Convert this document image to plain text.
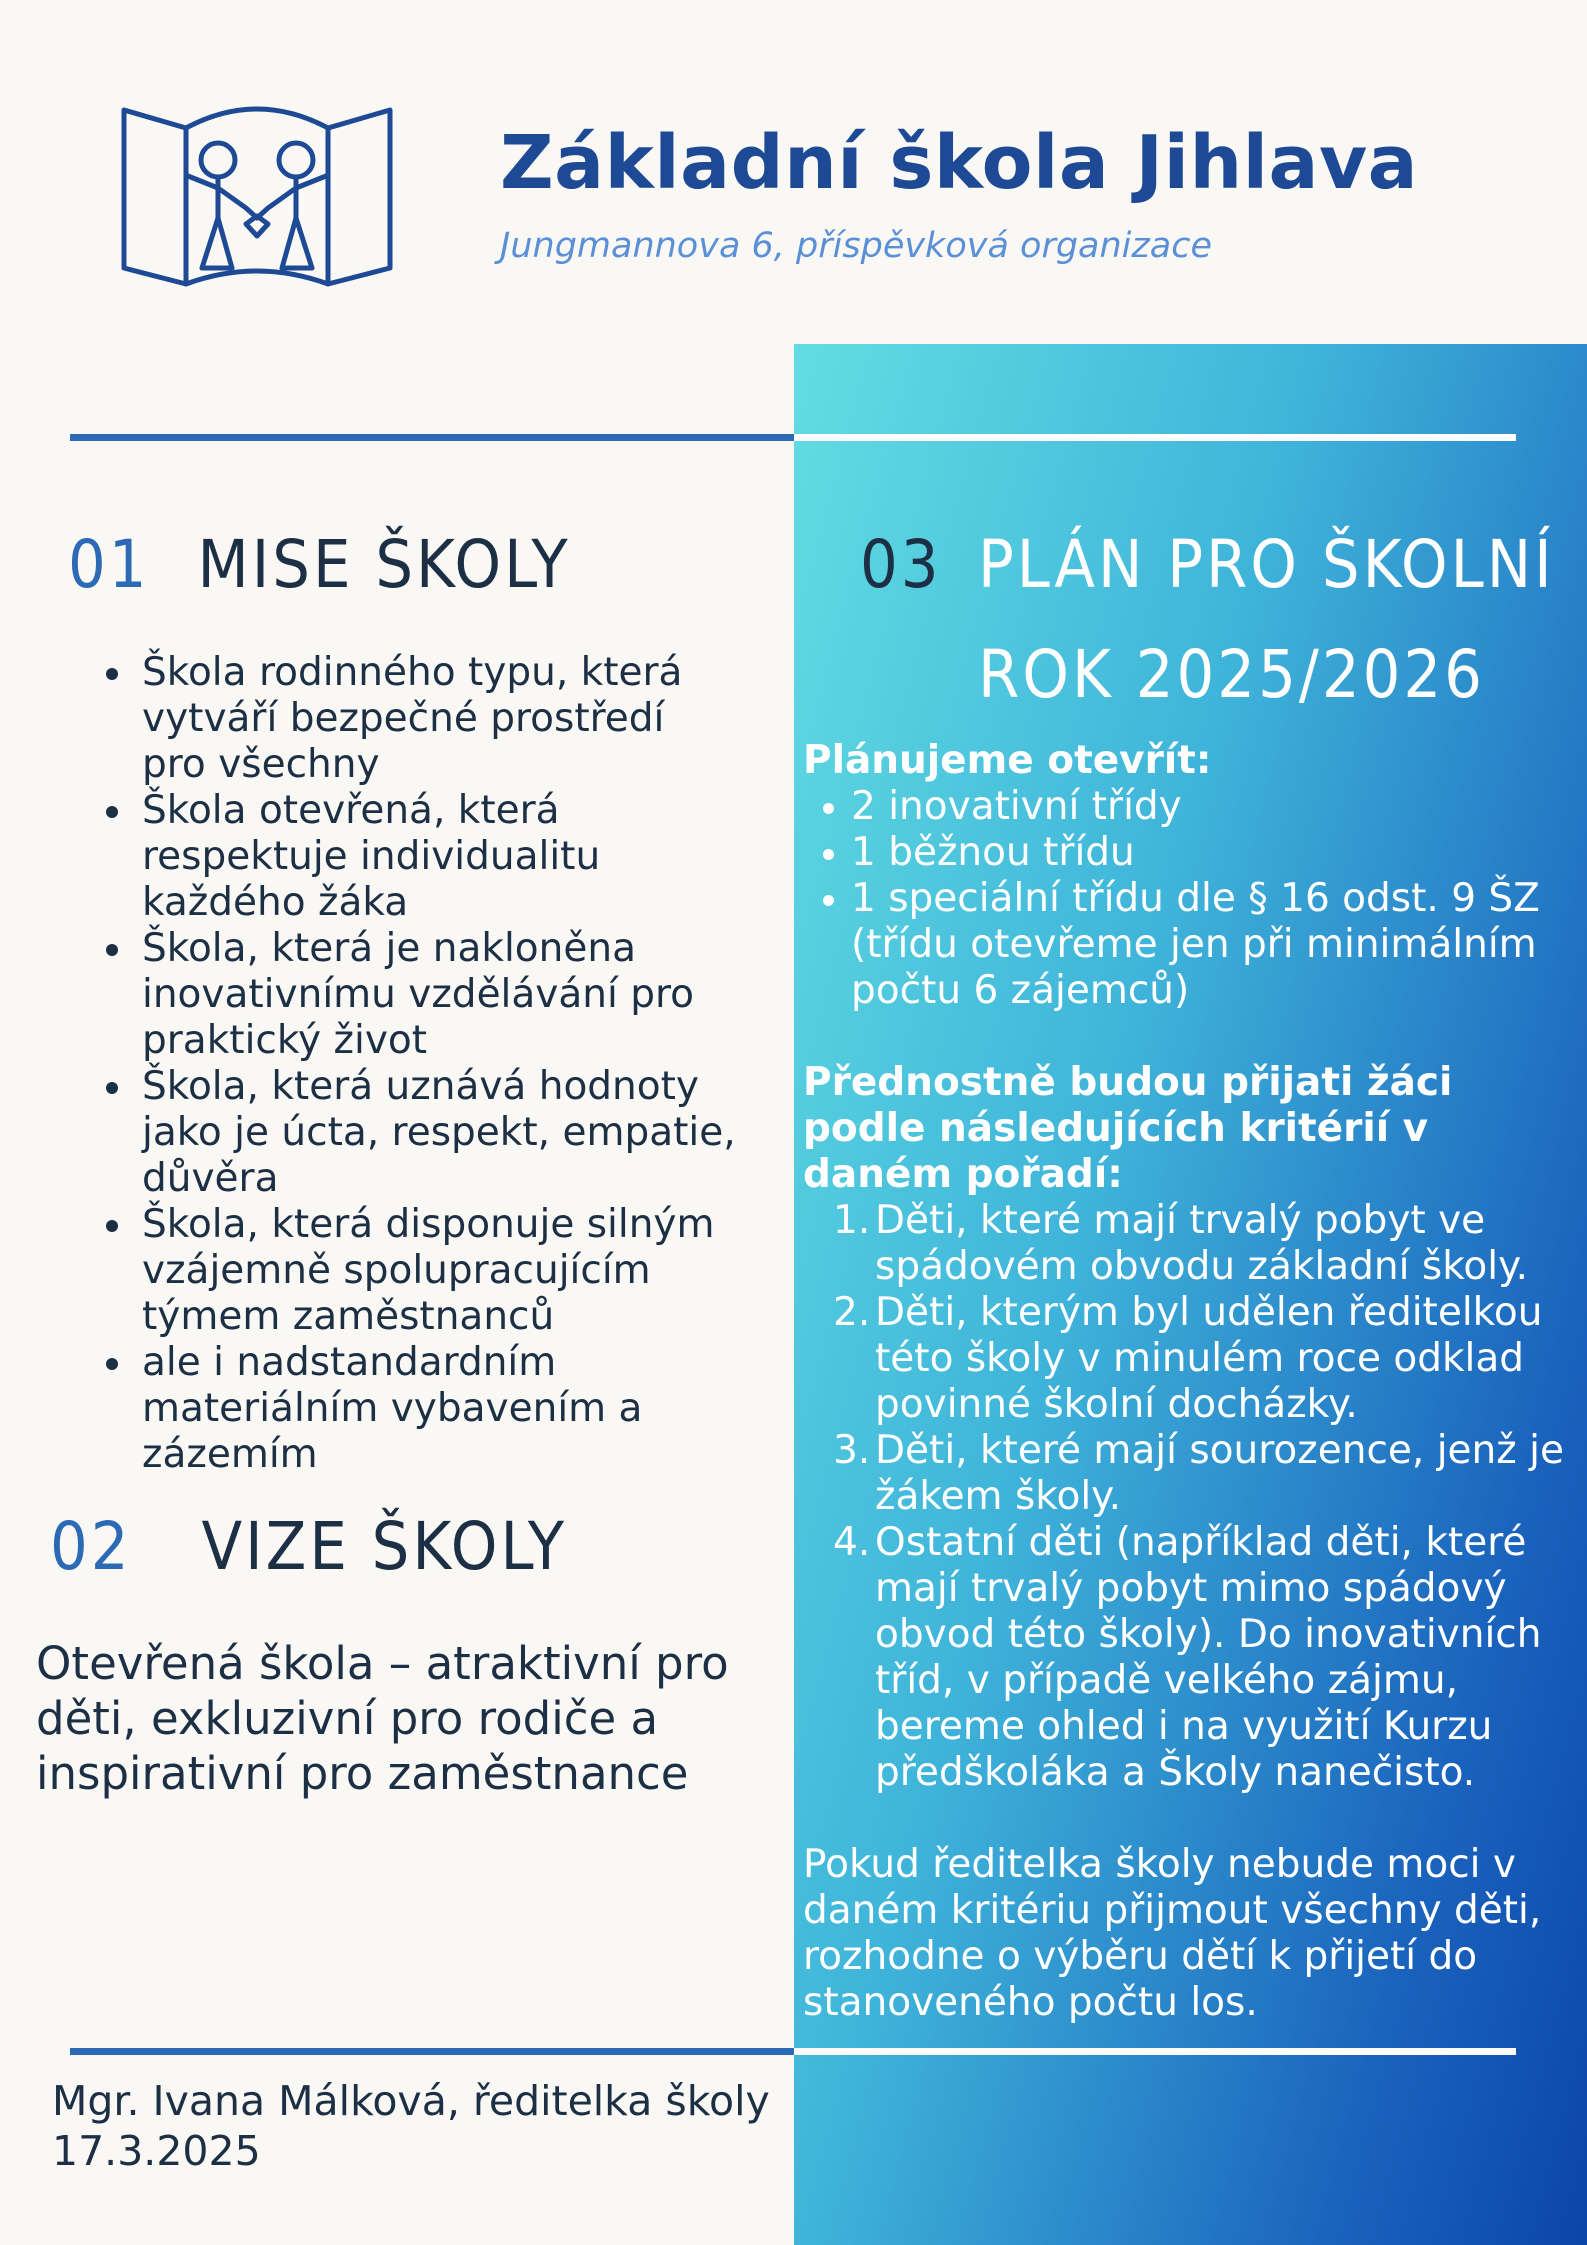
Základní škola Jihlava
Jungmannova 6, příspěvková organizace
01 MISE ŠKOLY
Škola rodinného typu, která vytváří bezpečné prostředí pro všechny
Škola otevřená, která respektuje individualitu každého žáka
Škola, která je nakloněna inovativnímu vzdělávání pro praktický život
Škola, která uznává hodnoty jako je úcta, respekt, empatie, důvěra
Škola, která disponuje silným vzájemně spolupracujícím týmem zaměstnanců
ale i nadstandardním materiálním vybavením a zázemím
02 VIZE ŠKOLY
Otevřená škola – atraktivní pro děti, exkluzivní pro rodiče a inspirativní pro zaměstnance
03 PLÁN PRO ŠKOLNÍ
ROK 2025/2026
Plánujeme otevřít:
2 inovativní třídy
1 běžnou třídu
1 speciální třídu dle § 16 odst. 9 ŠZ (třídu otevřeme jen při minimálním počtu 6 zájemců)
Přednostně budou přijati žáci podle následujících kritérií v daném pořadí:
1. Děti, které mají trvalý pobyt ve spádovém obvodu základní školy.
2. Děti, kterým byl udělen ředitelkou této školy v minulém roce odklad povinné školní docházky.
3. Děti, které mají sourozence, jenž je žákem školy.
4. Ostatní děti (například děti, které mají trvalý pobyt mimo spádový obvod této školy). Do inovativních tříd, v případě velkého zájmu, bereme ohled i na využití Kurzu předškoláka a Školy nanečisto.
Pokud ředitelka školy nebude moci v daném kritériu přijmout všechny děti, rozhodne o výběru dětí k přijetí do stanoveného počtu los.
Mgr. Ivana Málková, ředitelka školy
17.3.2025
